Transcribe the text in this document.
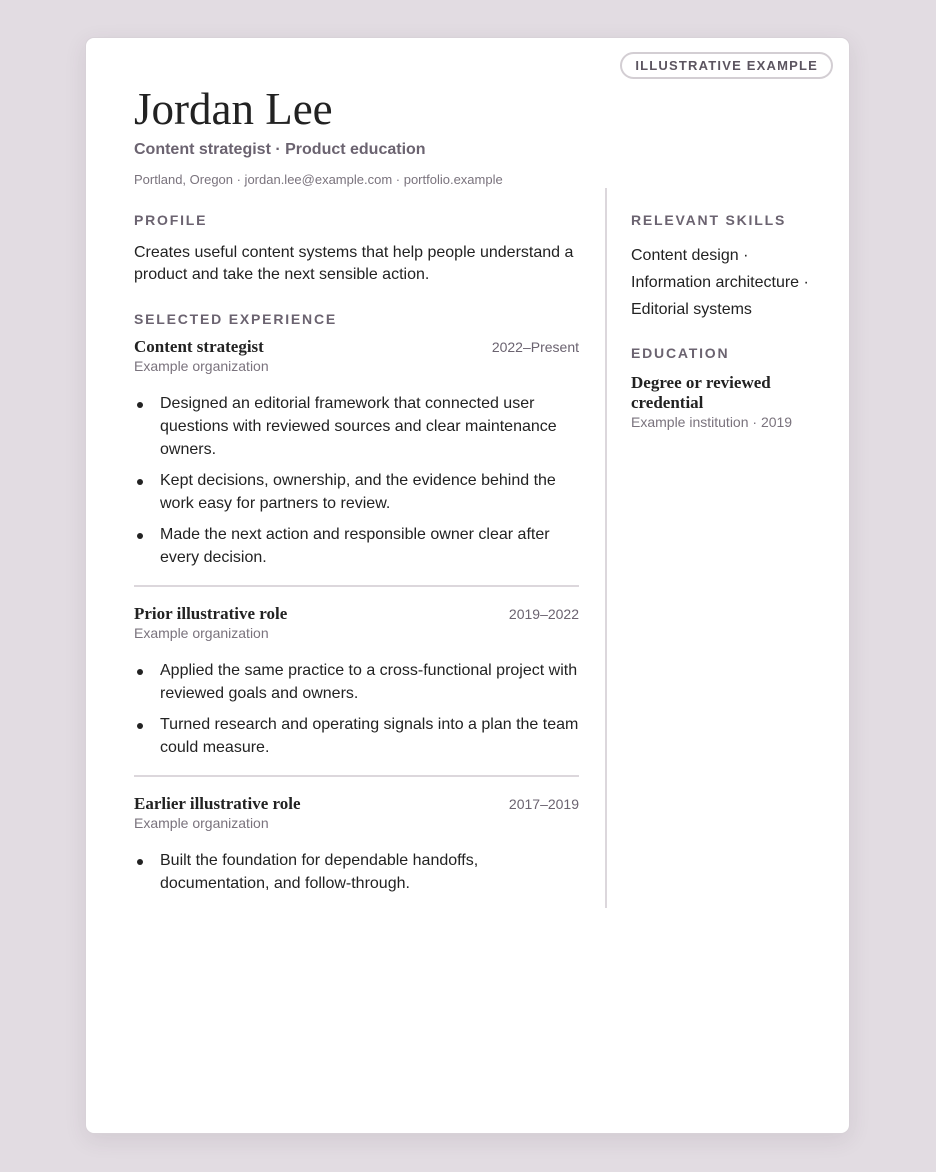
ILLUSTRATIVE EXAMPLE
Jordan Lee
Content strategist · Product education
Portland, Oregon · jordan.lee@example.com · portfolio.example
PROFILE

Creates useful content systems that help people understand a product and take the next sensible action.

SELECTED EXPERIENCE
Content strategist	2022–Present
Example organization
Designed an editorial framework that connected user questions with reviewed sources and clear maintenance owners.
Kept decisions, ownership, and the evidence behind the work easy for partners to review.
Made the next action and responsible owner clear after every decision.
Prior illustrative role	2019–2022
Example organization
Applied the same practice to a cross-functional project with reviewed goals and owners.
Turned research and operating signals into a plan the team could measure.
Earlier illustrative role	2017–2019
Example organization
Built the foundation for dependable handoffs, documentation, and follow-through.
RELEVANT SKILLS

Content design · Information architecture · Editorial systems

EDUCATION
Degree or reviewed credential
Example institution · 2019
